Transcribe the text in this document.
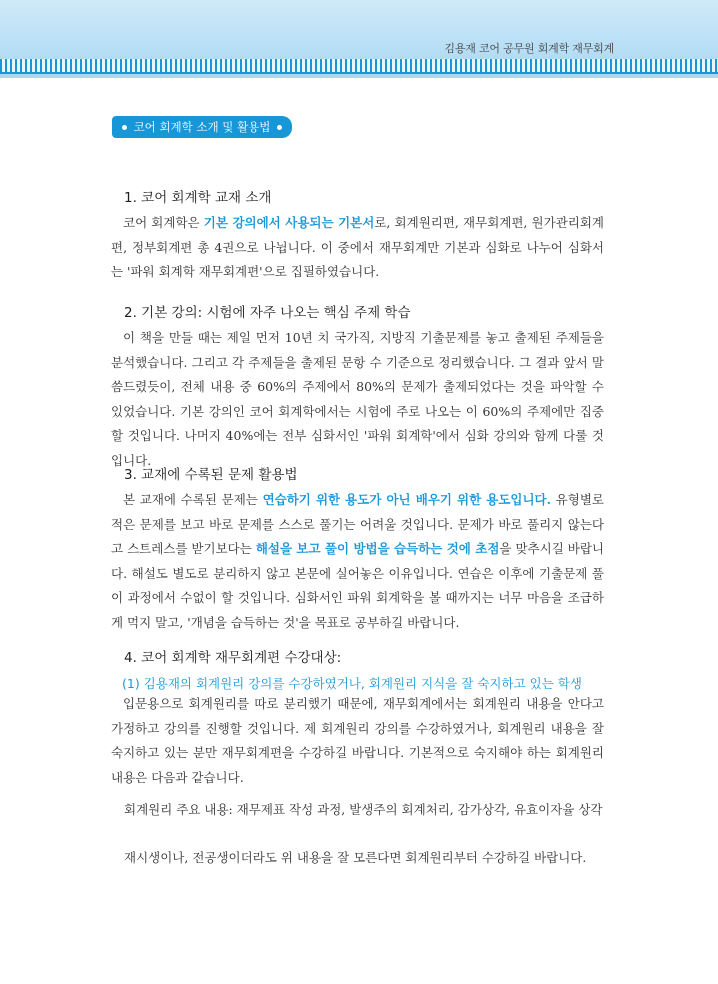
김용재 코어 공무원 회계학 재무회계
코어 회계학 소개 및 활용법
1. 코어 회계학 교재 소개
코어 회계학은 기본 강의에서 사용되는 기본서로, 회계원리편, 재무회계편, 원가관리회계편, 정부회계편 총 4권으로 나뉩니다. 이 중에서 재무회계만 기본과 심화로 나누어 심화서는 '파워 회계학 재무회계편'으로 집필하였습니다.
2. 기본 강의: 시험에 자주 나오는 핵심 주제 학습
이 책을 만들 때는 제일 먼저 10년 치 국가직, 지방직 기출문제를 놓고 출제된 주제들을 분석했습니다. 그리고 각 주제들을 출제된 문항 수 기준으로 정리했습니다. 그 결과 앞서 말씀드렸듯이, 전체 내용 중 60%의 주제에서 80%의 문제가 출제되었다는 것을 파악할 수 있었습니다. 기본 강의인 코어 회계학에서는 시험에 주로 나오는 이 60%의 주제에만 집중할 것입니다. 나머지 40%에는 전부 심화서인 '파워 회계학'에서 심화 강의와 함께 다룰 것입니다.
3. 교재에 수록된 문제 활용법
본 교재에 수록된 문제는 연습하기 위한 용도가 아닌 배우기 위한 용도입니다. 유형별로 적은 문제를 보고 바로 문제를 스스로 풀기는 어려울 것입니다. 문제가 바로 풀리지 않는다고 스트레스를 받기보다는 해설을 보고 풀이 방법을 습득하는 것에 초점을 맞추시길 바랍니다. 해설도 별도로 분리하지 않고 본문에 실어놓은 이유입니다. 연습은 이후에 기출문제 풀이 과정에서 수없이 할 것입니다. 심화서인 파워 회계학을 볼 때까지는 너무 마음을 조급하게 먹지 말고, '개념을 습득하는 것'을 목표로 공부하길 바랍니다.
4. 코어 회계학 재무회계편 수강대상:
(1) 김용재의 회계원리 강의를 수강하였거나, 회계원리 지식을 잘 숙지하고 있는 학생
입문용으로 회계원리를 따로 분리했기 때문에, 재무회계에서는 회계원리 내용을 안다고 가정하고 강의를 진행할 것입니다. 제 회계원리 강의를 수강하였거나, 회계원리 내용을 잘 숙지하고 있는 분만 재무회계편을 수강하길 바랍니다. 기본적으로 숙지해야 하는 회계원리 내용은 다음과 같습니다.
회계원리 주요 내용: 재무제표 작성 과정, 발생주의 회계처리, 감가상각, 유효이자율 상각
재시생이나, 전공생이더라도 위 내용을 잘 모른다면 회계원리부터 수강하길 바랍니다.
